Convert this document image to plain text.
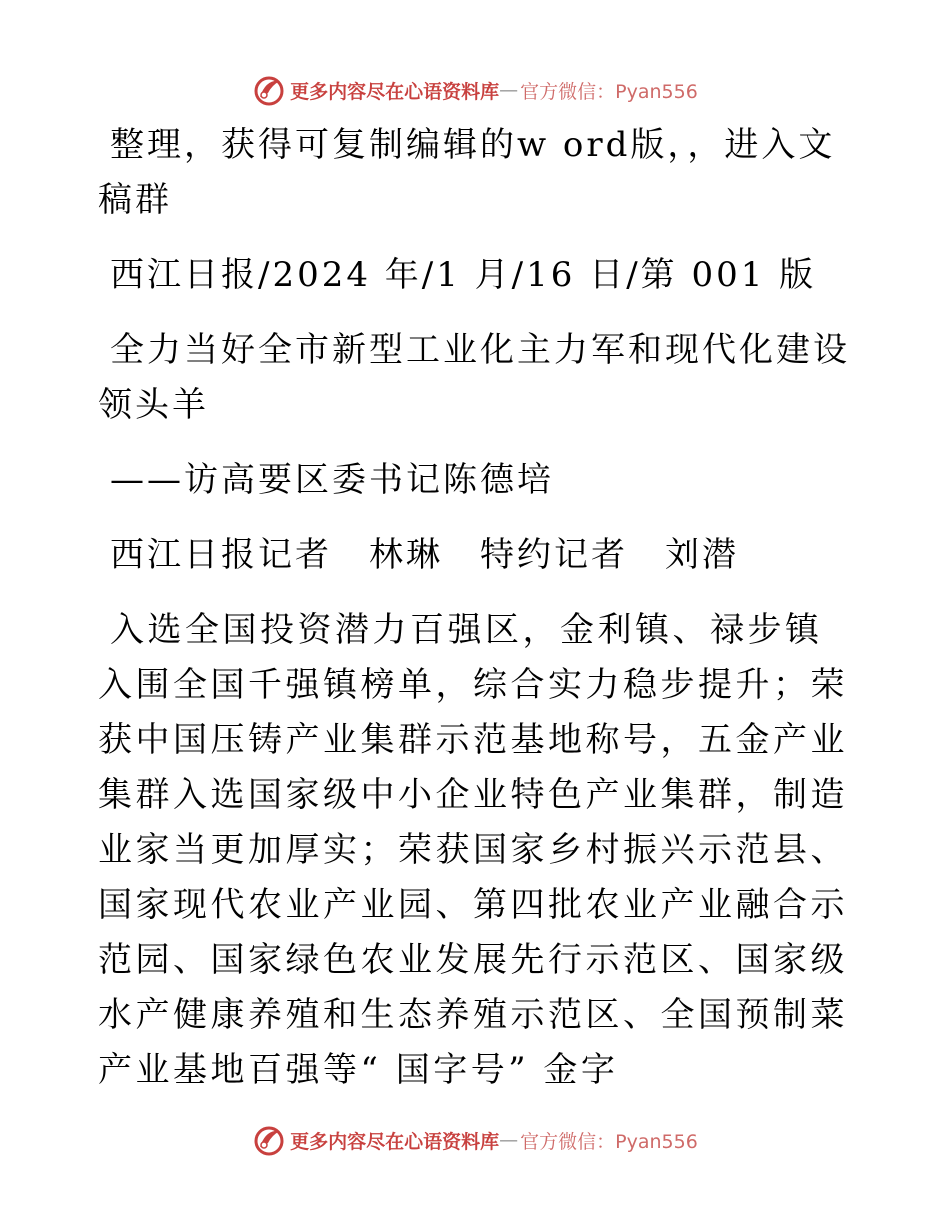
更多内容尽在心语资料库 — 官方微信：Pyan556

整理，获得可复制编辑的w ord版，，进入文稿群

西江日报/2024 年/1 月/16 日/第 001 版

全力当好全市新型工业化主力军和现代化建设领头羊

——访高要区委书记陈德培

西江日报记者　林琳　特约记者　刘潜

入选全国投资潜力百强区，金利镇、禄步镇入围全国千强镇榜单，综合实力稳步提升；荣获中国压铸产业集群示范基地称号，五金产业集群入选国家级中小企业特色产业集群，制造业家当更加厚实；荣获国家乡村振兴示范县、国家现代农业产业园、第四批农业产业融合示范园、国家绿色农业发展先行示范区、国家级水产健康养殖和生态养殖示范区、全国预制菜产业基地百强等“ 国字号” 金字

更多内容尽在心语资料库 — 官方微信：Pyan556
